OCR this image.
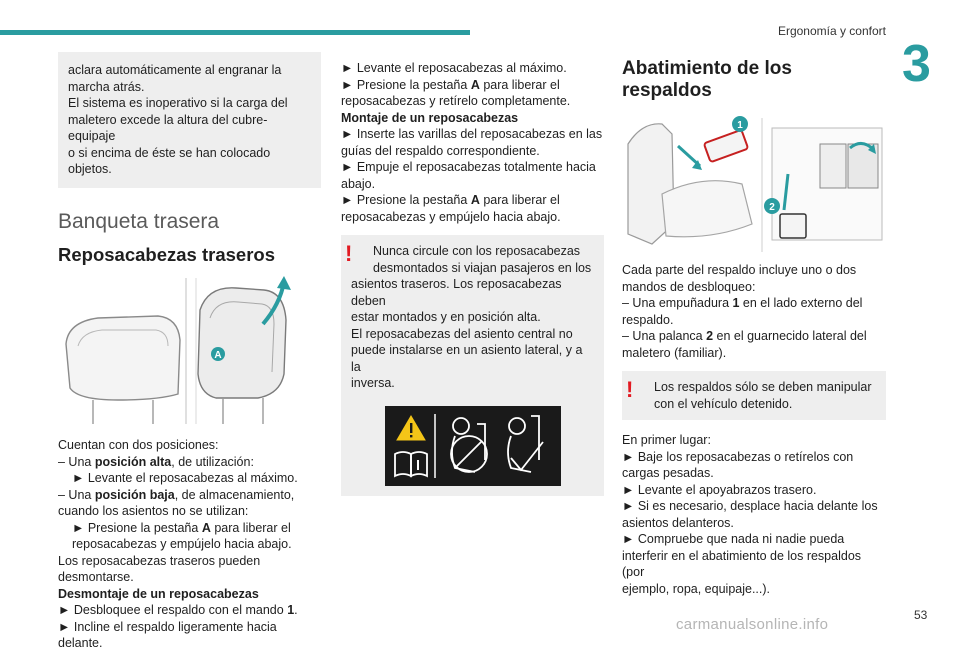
Ergonomía y confort
3
53
carmanualsonline.info

aclara automáticamente al engranar la

marcha atrás.

El sistema es inoperativo si la carga del

maletero excede la altura del cubre-equipaje

o si encima de éste se han colocado objetos.

Banqueta trasera
Reposacabezas traseros
A

Cuentan con dos posiciones:

– Una posición alta, de utilización:

► Levante el reposacabezas al máximo.

– Una posición baja, de almacenamiento,

cuando los asientos no se utilizan:

► Presione la pestaña A para liberar el

reposacabezas y empújelo hacia abajo.

Los reposacabezas traseros pueden

desmontarse.

Desmontaje de un reposacabezas

► Desbloquee el respaldo con el mando 1.

► Incline el respaldo ligeramente hacia delante.

► Levante el reposacabezas al máximo.

► Presione la pestaña A para liberar el

reposacabezas y retírelo completamente.

Montaje de un reposacabezas

► Inserte las varillas del reposacabezas en las

guías del respaldo correspondiente.

► Empuje el reposacabezas totalmente hacia

abajo.

► Presione la pestaña A para liberar el

reposacabezas y empújelo hacia abajo.

!	Nunca circule con los reposacabezas

desmontados si viajan pasajeros en los

asientos traseros. Los reposacabezas deben

estar montados y en posición alta.

El reposacabezas del asiento central no

puede instalarse en un asiento lateral, y a la

inversa.

Abatimiento de los
respaldos
1
2

Cada parte del respaldo incluye uno o dos

mandos de desbloqueo:

– Una empuñadura 1 en el lado externo del

respaldo.

– Una palanca 2 en el guarnecido lateral del

maletero (familiar).

!	Los respaldos sólo se deben manipular

con el vehículo detenido.

En primer lugar:

► Baje los reposacabezas o retírelos con

cargas pesadas.

► Levante el apoyabrazos trasero.

► Si es necesario, desplace hacia delante los

asientos delanteros.

► Compruebe que nada ni nadie pueda

interferir en el abatimiento de los respaldos (por

ejemplo, ropa, equipaje...).
